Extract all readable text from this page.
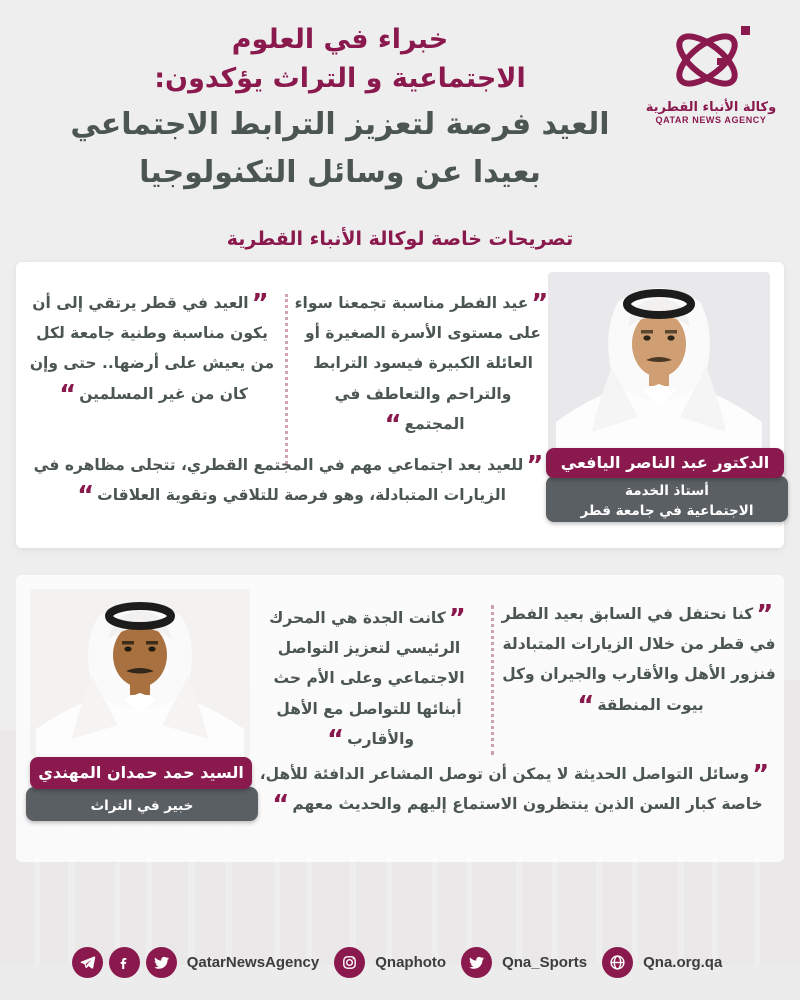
خبراء في العلوم
الاجتماعية و التراث يؤكدون:
العيد فرصة لتعزيز الترابط الاجتماعي
بعيدا عن وسائل التكنولوجيا
تصريحات خاصة لوكالة الأنباء القطرية
وكالة الأنباء القطرية
QATAR NEWS AGENCY
”عيد الفطر مناسبة تجمعنا سواء على مستوى الأسرة الصغيرة أو العائلة الكبيرة فيسود الترابط والتراحم والتعاطف في المجتمع“
”العيد في قطر يرتقي إلى أن يكون مناسبة وطنية جامعة لكل من يعيش على أرضها.. حتى وإن كان من غير المسلمين“
”للعيد بعد اجتماعي مهم في المجتمع القطري، تتجلى مظاهره في الزيارات المتبادلة، وهو فرصة للتلاقي وتقوية العلاقات“
الدكتور عبد الناصر اليافعي
أستاذ الخدمة
الاجتماعية في جامعة قطر
”كنا نحتفل في السابق بعيد الفطر في قطر من خلال الزيارات المتبادلة فنزور الأهل والأقارب والجيران وكل بيوت المنطقة“
”كانت الجدة هي المحرك الرئيسي لتعزيز التواصل الاجتماعي وعلى الأم حث أبنائها للتواصل مع الأهل والأقارب“
”وسائل التواصل الحديثة لا يمكن أن توصل المشاعر الدافئة للأهل، خاصة كبار السن الذين ينتظرون الاستماع إليهم والحديث معهم“
السيد حمد حمدان المهندي
خبير في التراث
QatarNewsAgency	Qnaphoto	Qna_Sports	Qna.org.qa
